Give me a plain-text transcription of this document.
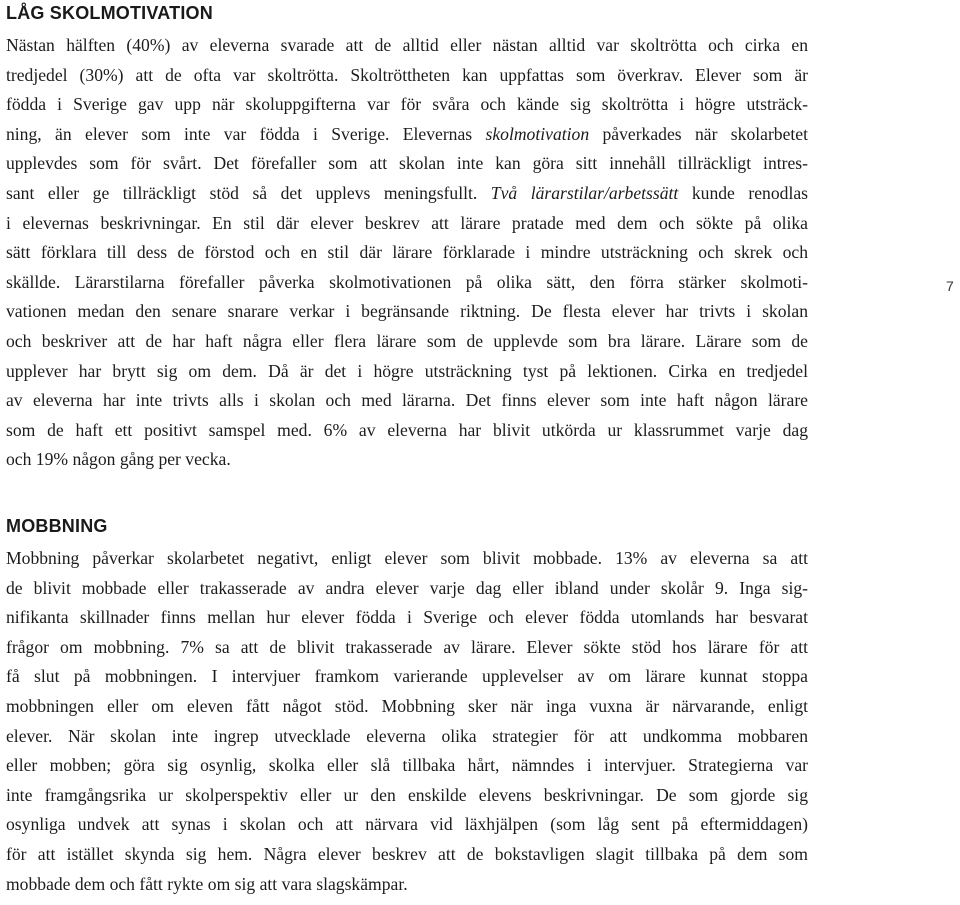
LÅG SKOLMOTIVATION

Nästan hälften (40%) av eleverna svarade att de alltid eller nästan alltid var skoltrötta och cirka en
tredjedel (30%) att de ofta var skoltrötta. Skoltröttheten kan uppfattas som överkrav. Elever som är
födda i Sverige gav upp när skoluppgifterna var för svåra och kände sig skoltrötta i högre utsträck-
ning, än elever som inte var födda i Sverige. Elevernas skolmotivation påverkades när skolarbetet
upplevdes som för svårt. Det förefaller som att skolan inte kan göra sitt innehåll tillräckligt intres-
sant eller ge tillräckligt stöd så det upplevs meningsfullt. Två lärarstilar/arbetssätt kunde renodlas
i elevernas beskrivningar. En stil där elever beskrev att lärare pratade med dem och sökte på olika
sätt förklara till dess de förstod och en stil där lärare förklarade i mindre utsträckning och skrek och
skällde. Lärarstilarna förefaller påverka skolmotivationen på olika sätt, den förra stärker skolmoti-
vationen medan den senare snarare verkar i begränsande riktning. De flesta elever har trivts i skolan
och beskriver att de har haft några eller flera lärare som de upplevde som bra lärare. Lärare som de
upplever har brytt sig om dem. Då är det i högre utsträckning tyst på lektionen. Cirka en tredjedel
av eleverna har inte trivts alls i skolan och med lärarna. Det finns elever som inte haft någon lärare
som de haft ett positivt samspel med. 6% av eleverna har blivit utkörda ur klassrummet varje dag
och 19% någon gång per vecka.

MOBBNING

Mobbning påverkar skolarbetet negativt, enligt elever som blivit mobbade. 13% av eleverna sa att
de blivit mobbade eller trakasserade av andra elever varje dag eller ibland under skolår 9. Inga sig-
nifikanta skillnader finns mellan hur elever födda i Sverige och elever födda utomlands har besvarat
frågor om mobbning. 7% sa att de blivit trakasserade av lärare. Elever sökte stöd hos lärare för att
få slut på mobbningen. I intervjuer framkom varierande upplevelser av om lärare kunnat stoppa
mobbningen eller om eleven fått något stöd. Mobbning sker när inga vuxna är närvarande, enligt
elever. När skolan inte ingrep utvecklade eleverna olika strategier för att undkomma mobbaren
eller mobben; göra sig osynlig, skolka eller slå tillbaka hårt, nämndes i intervjuer. Strategierna var
inte framgångsrika ur skolperspektiv eller ur den enskilde elevens beskrivningar. De som gjorde sig
osynliga undvek att synas i skolan och att närvara vid läxhjälpen (som låg sent på eftermiddagen)
för att istället skynda sig hem. Några elever beskrev att de bokstavligen slagit tillbaka på dem som
mobbade dem och fått rykte om sig att vara slagskämpar.

7
